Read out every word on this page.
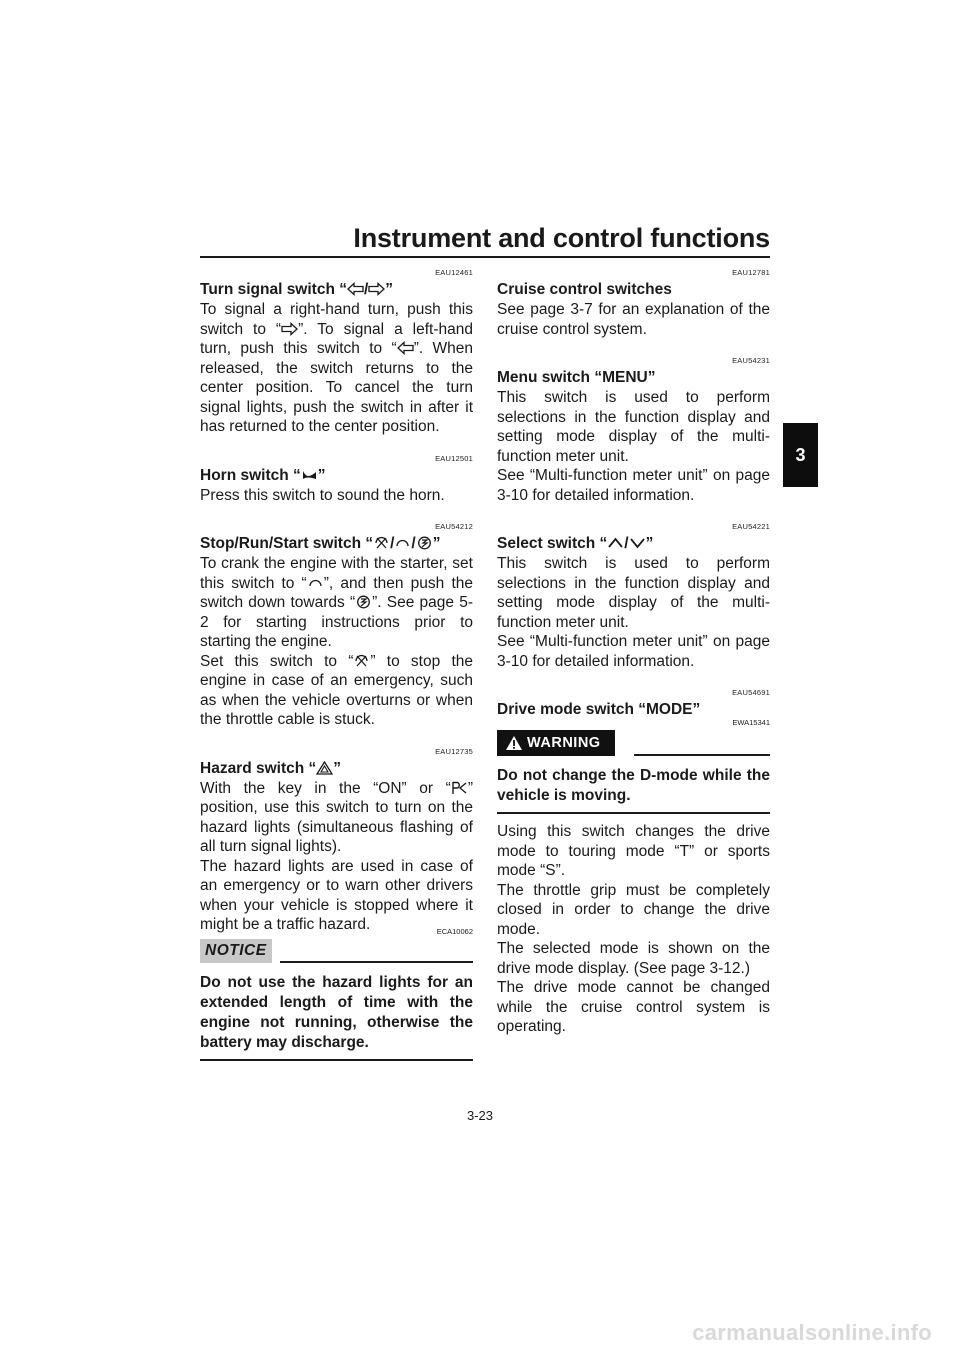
Instrument and control functions
3
EAU12461
Turn signal switch “ / ”

To signal a right-hand turn, push this switch to “ ”. To signal a left-hand turn, push this switch to “ ”. When released, the switch returns to the center position. To cancel the turn signal lights, push the switch in after it has returned to the center position.

EAU12501
Horn switch “ ”

Press this switch to sound the horn.

EAU54212
Stop/Run/Start switch “ / / ”

To crank the engine with the starter, set this switch to “ ”, and then push the switch down towards “ ”. See page 5-2 for starting instructions prior to starting the engine.

Set this switch to “ ” to stop the engine in case of an emergency, such as when the vehicle overturns or when the throttle cable is stuck.

EAU12735
Hazard switch “ ”

With the key in the “ON” or “ ” position, use this switch to turn on the hazard lights (simultaneous flashing of all turn signal lights).

The hazard lights are used in case of an emergency or to warn other drivers when your vehicle is stopped where it might be a traffic hazard.

NOTICE
ECA10062

Do not use the hazard lights for an extended length of time with the engine not running, otherwise the battery may discharge.

EAU12781
Cruise control switches

See page 3-7 for an explanation of the cruise control system.

EAU54231
Menu switch “MENU”

This switch is used to perform selections in the function display and setting mode display of the multi-function meter unit.

See “Multi-function meter unit” on page 3-10 for detailed information.

EAU54221
Select switch “ / ”

This switch is used to perform selections in the function display and setting mode display of the multi-function meter unit.

See “Multi-function meter unit” on page 3-10 for detailed information.

EAU54691
Drive mode switch “MODE”
WARNING
EWA15341

Do not change the D-mode while the vehicle is moving.

Using this switch changes the drive mode to touring mode “T” or sports mode “S”.

The throttle grip must be completely closed in order to change the drive mode.

The selected mode is shown on the drive mode display. (See page 3-12.)

The drive mode cannot be changed while the cruise control system is operating.

3-23
carmanualsonline.info
